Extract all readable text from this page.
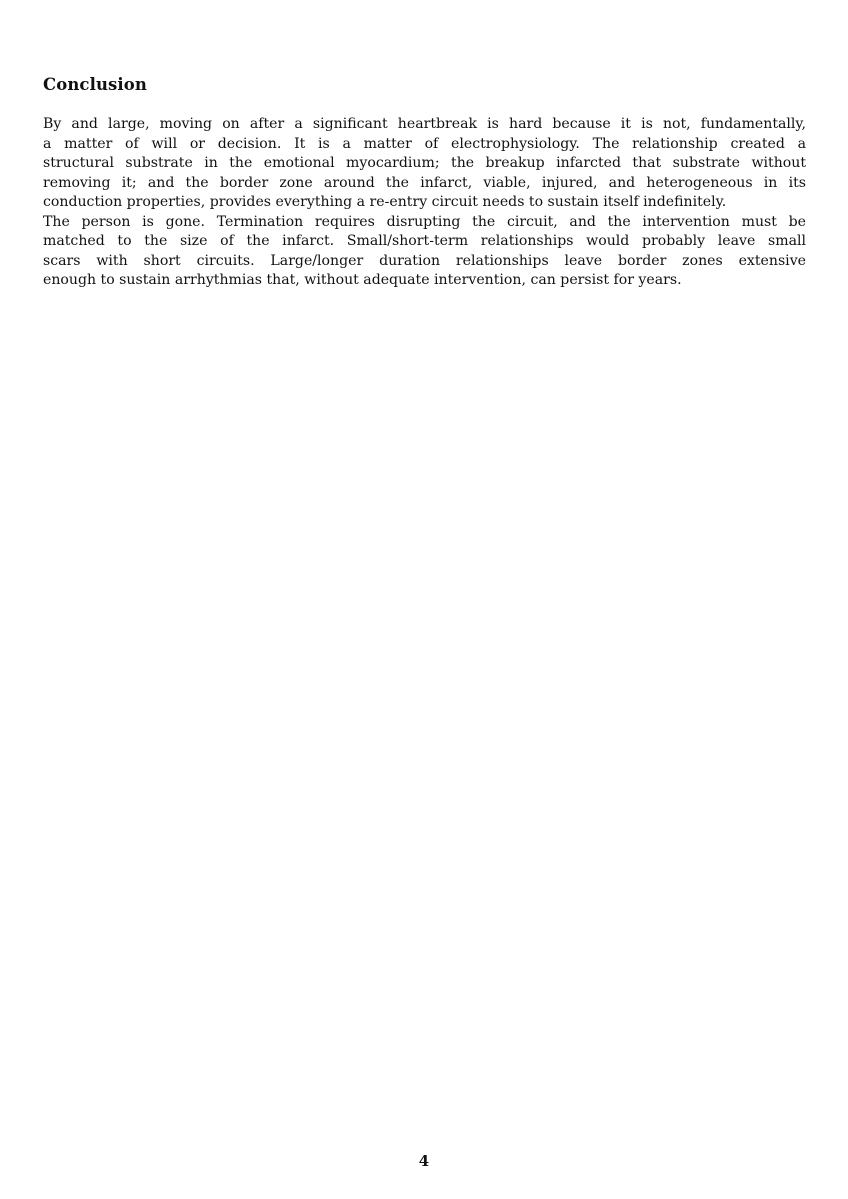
Conclusion

By and large, moving on after a significant heartbreak is hard because it is not, fundamentally,
a matter of will or decision. It is a matter of electrophysiology. The relationship created a
structural substrate in the emotional myocardium; the breakup infarcted that substrate without
removing it; and the border zone around the infarct, viable, injured, and heterogeneous in its
conduction properties, provides everything a re-entry circuit needs to sustain itself indefinitely.
The person is gone. Termination requires disrupting the circuit, and the intervention must be
matched to the size of the infarct. Small/short-term relationships would probably leave small
scars with short circuits. Large/longer duration relationships leave border zones extensive
enough to sustain arrhythmias that, without adequate intervention, can persist for years.

4
